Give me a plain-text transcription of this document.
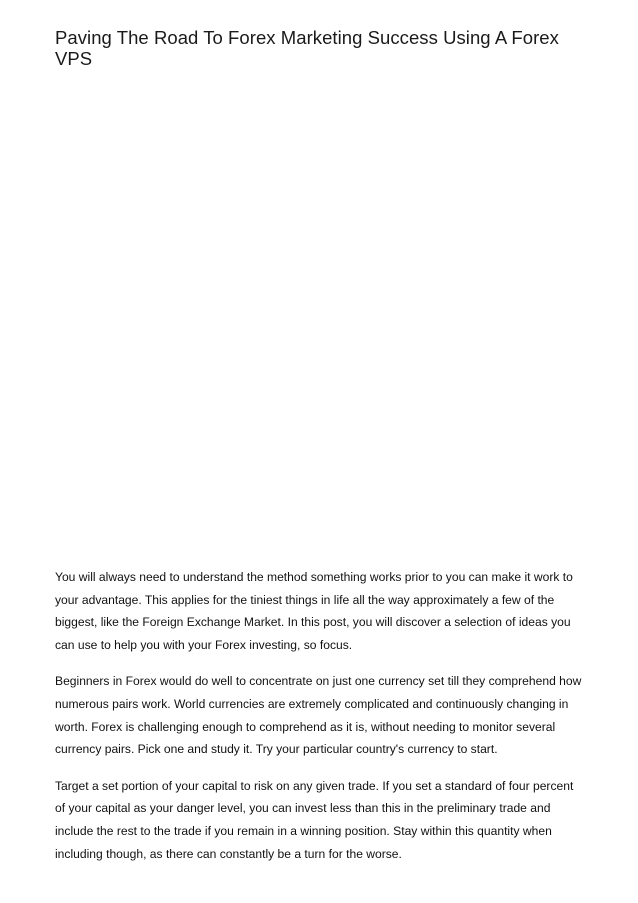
Paving The Road To Forex Marketing Success Using A Forex VPS

You will always need to understand the method something works prior to you can make it work to your advantage. This applies for the tiniest things in life all the way approximately a few of the biggest, like the Foreign Exchange Market. In this post, you will discover a selection of ideas you can use to help you with your Forex investing, so focus.

Beginners in Forex would do well to concentrate on just one currency set till they comprehend how numerous pairs work. World currencies are extremely complicated and continuously changing in worth. Forex is challenging enough to comprehend as it is, without needing to monitor several currency pairs. Pick one and study it. Try your particular country's currency to start.

Target a set portion of your capital to risk on any given trade. If you set a standard of four percent of your capital as your danger level, you can invest less than this in the preliminary trade and include the rest to the trade if you remain in a winning position. Stay within this quantity when including though, as there can constantly be a turn for the worse.
